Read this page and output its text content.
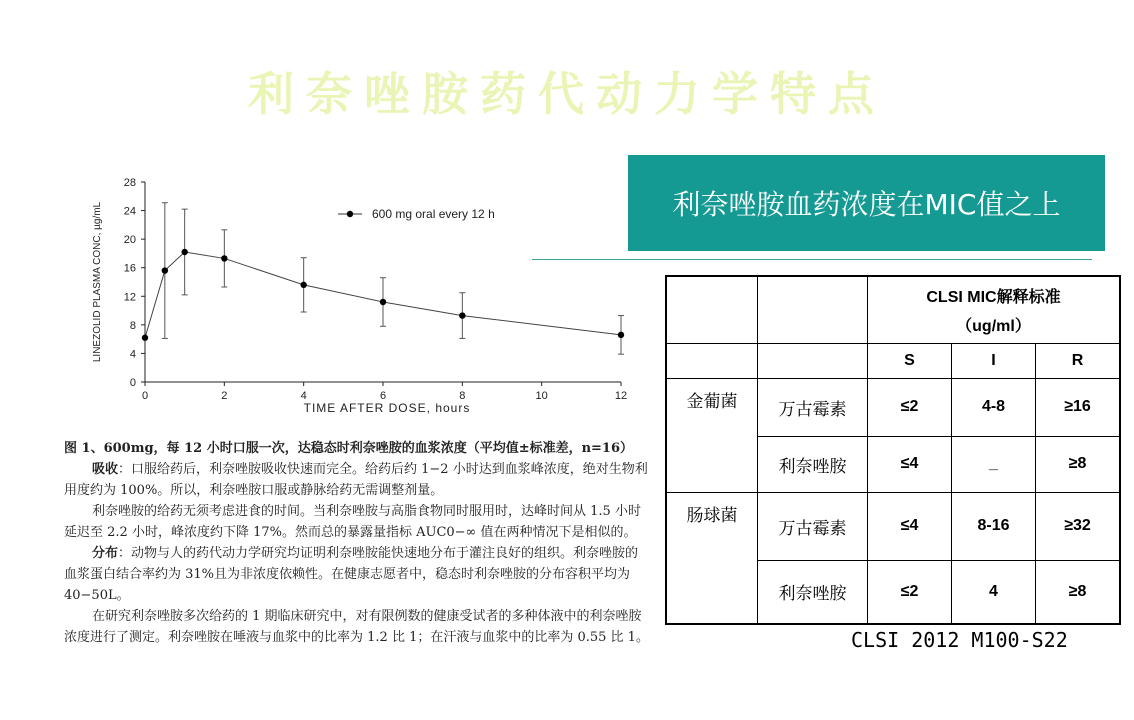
利奈唑胺药代动力学特点
利奈唑胺血药浓度在MIC值之上
0
4
8
12
16
20
24
28
0	2	4	6	8	10	12
LINEZOLID PLASMA CONC, µg/mL
TIME AFTER DOSE, hours
600 mg oral every 12 h

图 1、600mg，每 12 小时口服一次，达稳态时利奈唑胺的血浆浓度（平均值±标准差，n=16）

吸收：口服给药后，利奈唑胺吸收快速而完全。给药后约 1−2 小时达到血浆峰浓度，绝对生物利用度约为 100%。所以，利奈唑胺口服或静脉给药无需调整剂量。

利奈唑胺的给药无须考虑进食的时间。当利奈唑胺与高脂食物同时服用时，达峰时间从 1.5 小时延迟至 2.2 小时，峰浓度约下降 17%。然而总的暴露量指标 AUC0−∞ 值在两种情况下是相似的。

分布：动物与人的药代动力学研究均证明利奈唑胺能快速地分布于灌注良好的组织。利奈唑胺的血浆蛋白结合率约为 31%且为非浓度依赖性。在健康志愿者中，稳态时利奈唑胺的分布容积平均为 40−50L。

在研究利奈唑胺多次给药的 1 期临床研究中，对有限例数的健康受试者的多种体液中的利奈唑胺浓度进行了测定。利奈唑胺在唾液与血浆中的比率为 1.2 比 1；在汗液与血浆中的比率为 0.55 比 1。

		CLSI MIC解释标准
（ug/ml）		

		S	I	R
金葡菌	万古霉素	≤2	4-8	≥16
	利奈唑胺	≤4	_	≥8
肠球菌	万古霉素	≤4	8-16	≥32
	利奈唑胺	≤2	4	≥8
CLSI 2012 M100-S22
